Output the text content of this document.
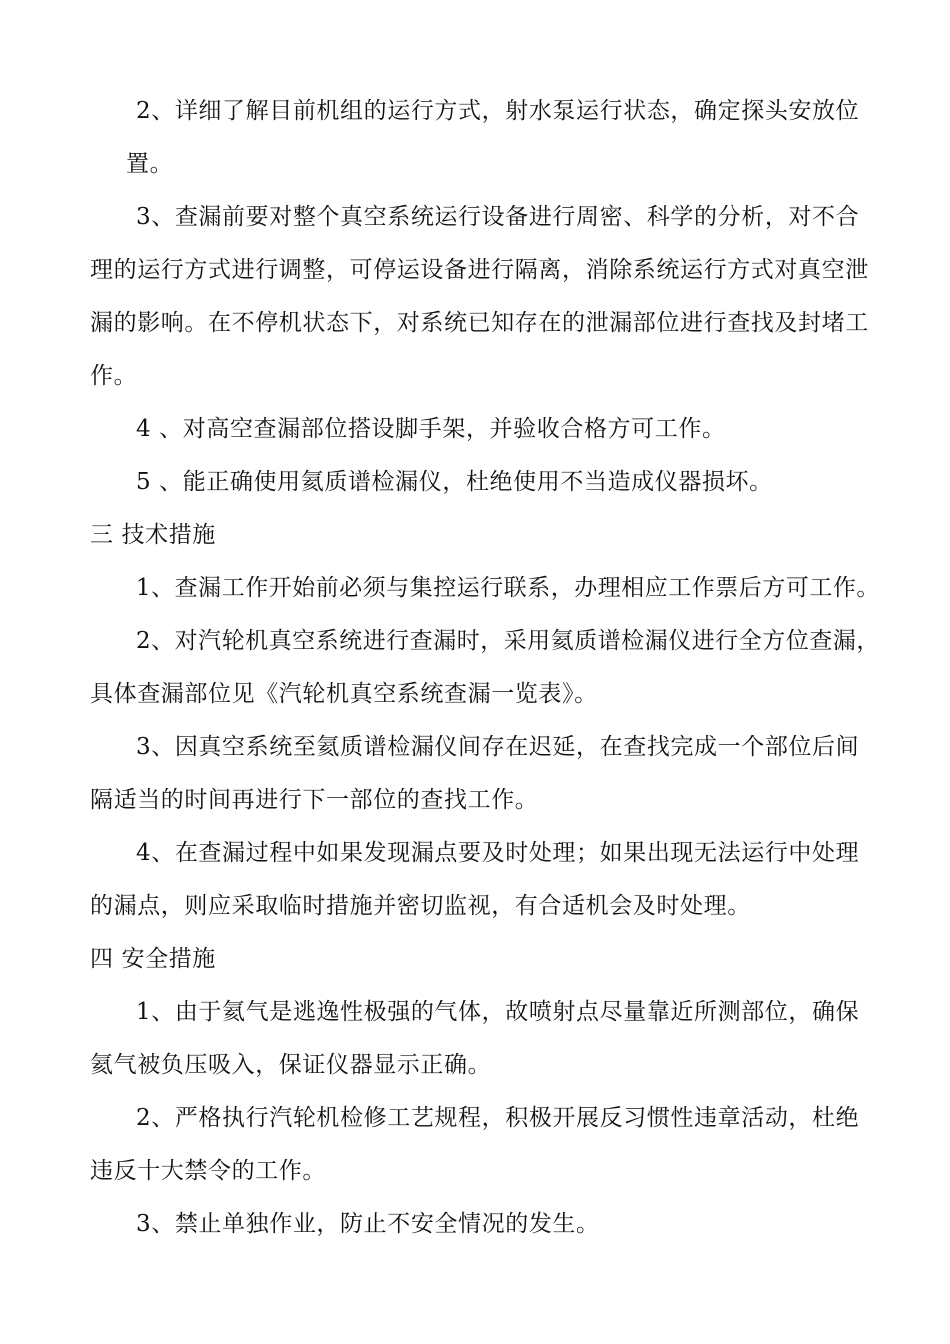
2、详细了解目前机组的运行方式，射水泵运行状态，确定探头安放位
置。
3、查漏前要对整个真空系统运行设备进行周密、科学的分析，对不合
理的运行方式进行调整，可停运设备进行隔离，消除系统运行方式对真空泄
漏的影响。在不停机状态下，对系统已知存在的泄漏部位进行查找及封堵工
作。
4 、对高空查漏部位搭设脚手架，并验收合格方可工作。
5 、能正确使用氦质谱检漏仪，杜绝使用不当造成仪器损坏。
三 技术措施
1、查漏工作开始前必须与集控运行联系，办理相应工作票后方可工作。
2、对汽轮机真空系统进行查漏时，采用氦质谱检漏仪进行全方位查漏，
具体查漏部位见《汽轮机真空系统查漏一览表》。
3、因真空系统至氦质谱检漏仪间存在迟延，在查找完成一个部位后间
隔适当的时间再进行下一部位的查找工作。
4、在查漏过程中如果发现漏点要及时处理；如果出现无法运行中处理
的漏点，则应采取临时措施并密切监视，有合适机会及时处理。
四 安全措施
1、由于氦气是逃逸性极强的气体，故喷射点尽量靠近所测部位，确保
氦气被负压吸入，保证仪器显示正确。
2、严格执行汽轮机检修工艺规程，积极开展反习惯性违章活动，杜绝
违反十大禁令的工作。
3、禁止单独作业，防止不安全情况的发生。
